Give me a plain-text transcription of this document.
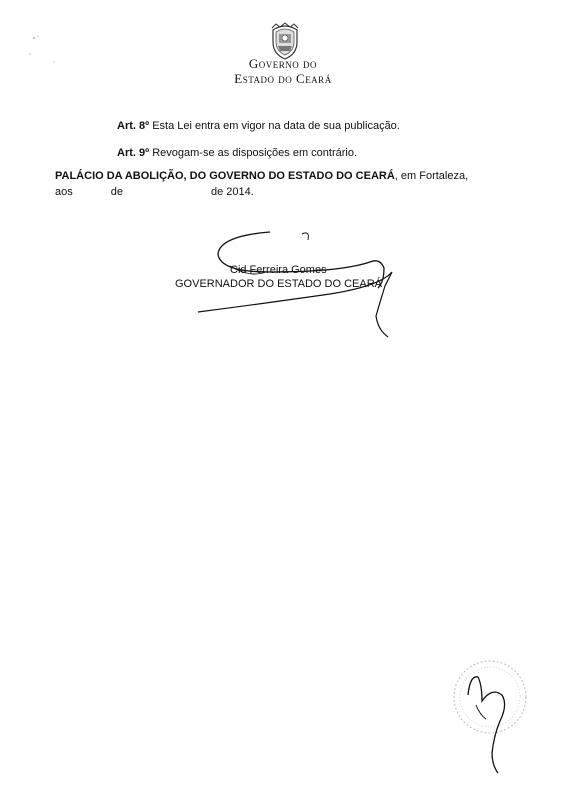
Governo do
Estado do Ceará
Art. 8º Esta Lei entra em vigor na data de sua publicação.
Art. 9º Revogam-se as disposições em contrário.
PALÁCIO DA ABOLIÇÃO, DO GOVERNO DO ESTADO DO CEARÁ, em Fortaleza,
aos	de	de 2014.
Cid Ferreira Gomes
GOVERNADOR DO ESTADO DO CEARÁ
